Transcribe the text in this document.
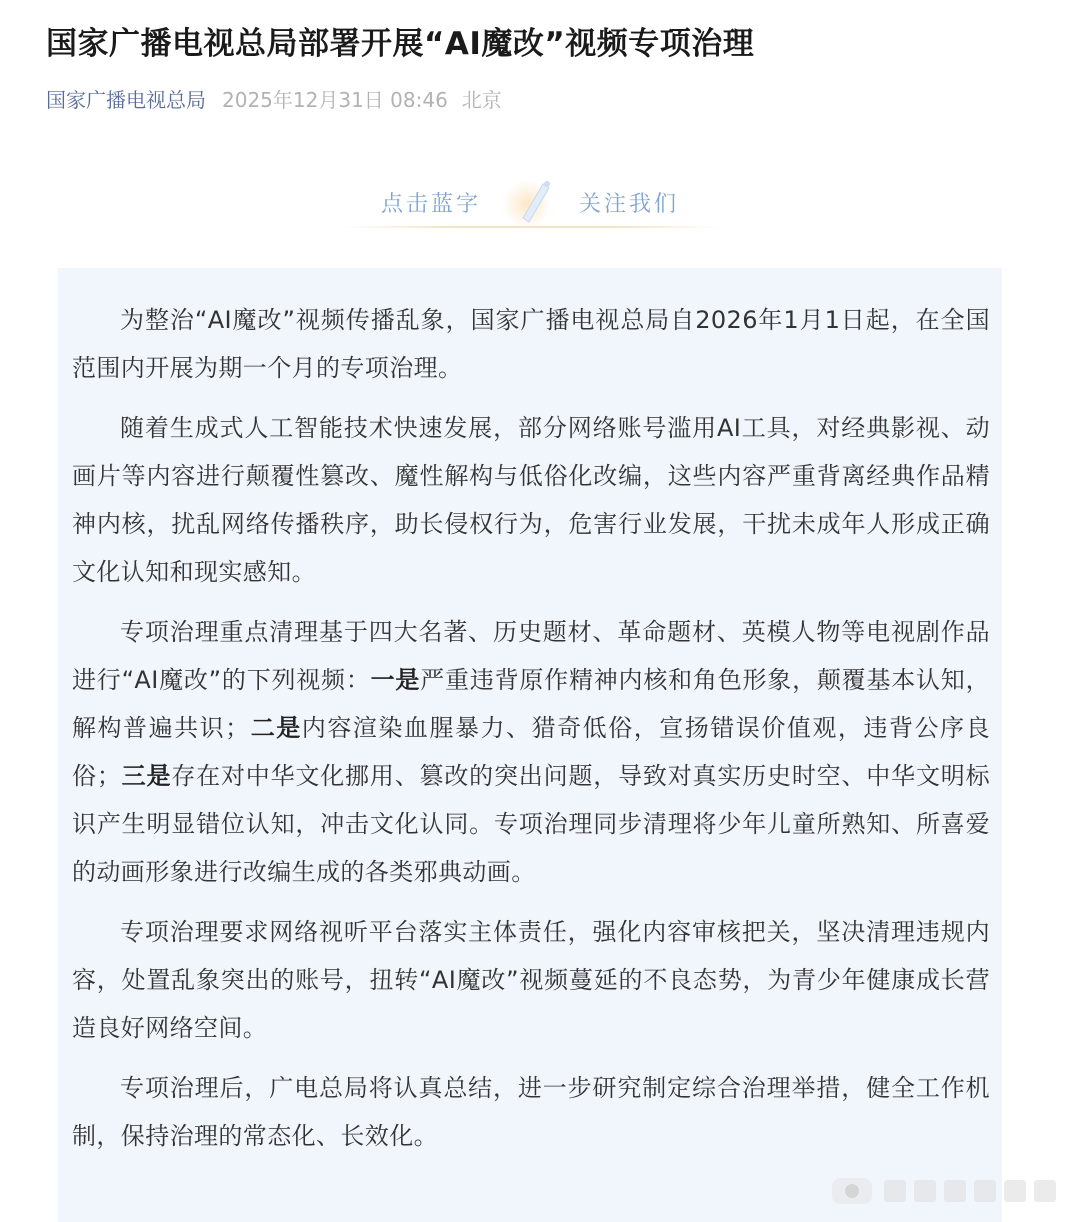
国家广播电视总局部署开展“AI魔改”视频专项治理
国家广播电视总局 2025年12月31日 08:46 北京
点击蓝字	关注我们

为整治“AI魔改”视频传播乱象，国家广播电视总局自2026年1月1日起，在全国范围内开展为期一个月的专项治理。

随着生成式人工智能技术快速发展，部分网络账号滥用AI工具，对经典影视、动画片等内容进行颠覆性篡改、魔性解构与低俗化改编，这些内容严重背离经典作品精神内核，扰乱网络传播秩序，助长侵权行为，危害行业发展，干扰未成年人形成正确文化认知和现实感知。

专项治理重点清理基于四大名著、历史题材、革命题材、英模人物等电视剧作品进行“AI魔改”的下列视频：一是严重违背原作精神内核和角色形象，颠覆基本认知，解构普遍共识；二是内容渲染血腥暴力、猎奇低俗，宣扬错误价值观，违背公序良俗；三是存在对中华文化挪用、篡改的突出问题，导致对真实历史时空、中华文明标识产生明显错位认知，冲击文化认同。专项治理同步清理将少年儿童所熟知、所喜爱的动画形象进行改编生成的各类邪典动画。

专项治理要求网络视听平台落实主体责任，强化内容审核把关，坚决清理违规内容，处置乱象突出的账号，扭转“AI魔改”视频蔓延的不良态势，为青少年健康成长营造良好网络空间。

专项治理后，广电总局将认真总结，进一步研究制定综合治理举措，健全工作机制，保持治理的常态化、长效化。
